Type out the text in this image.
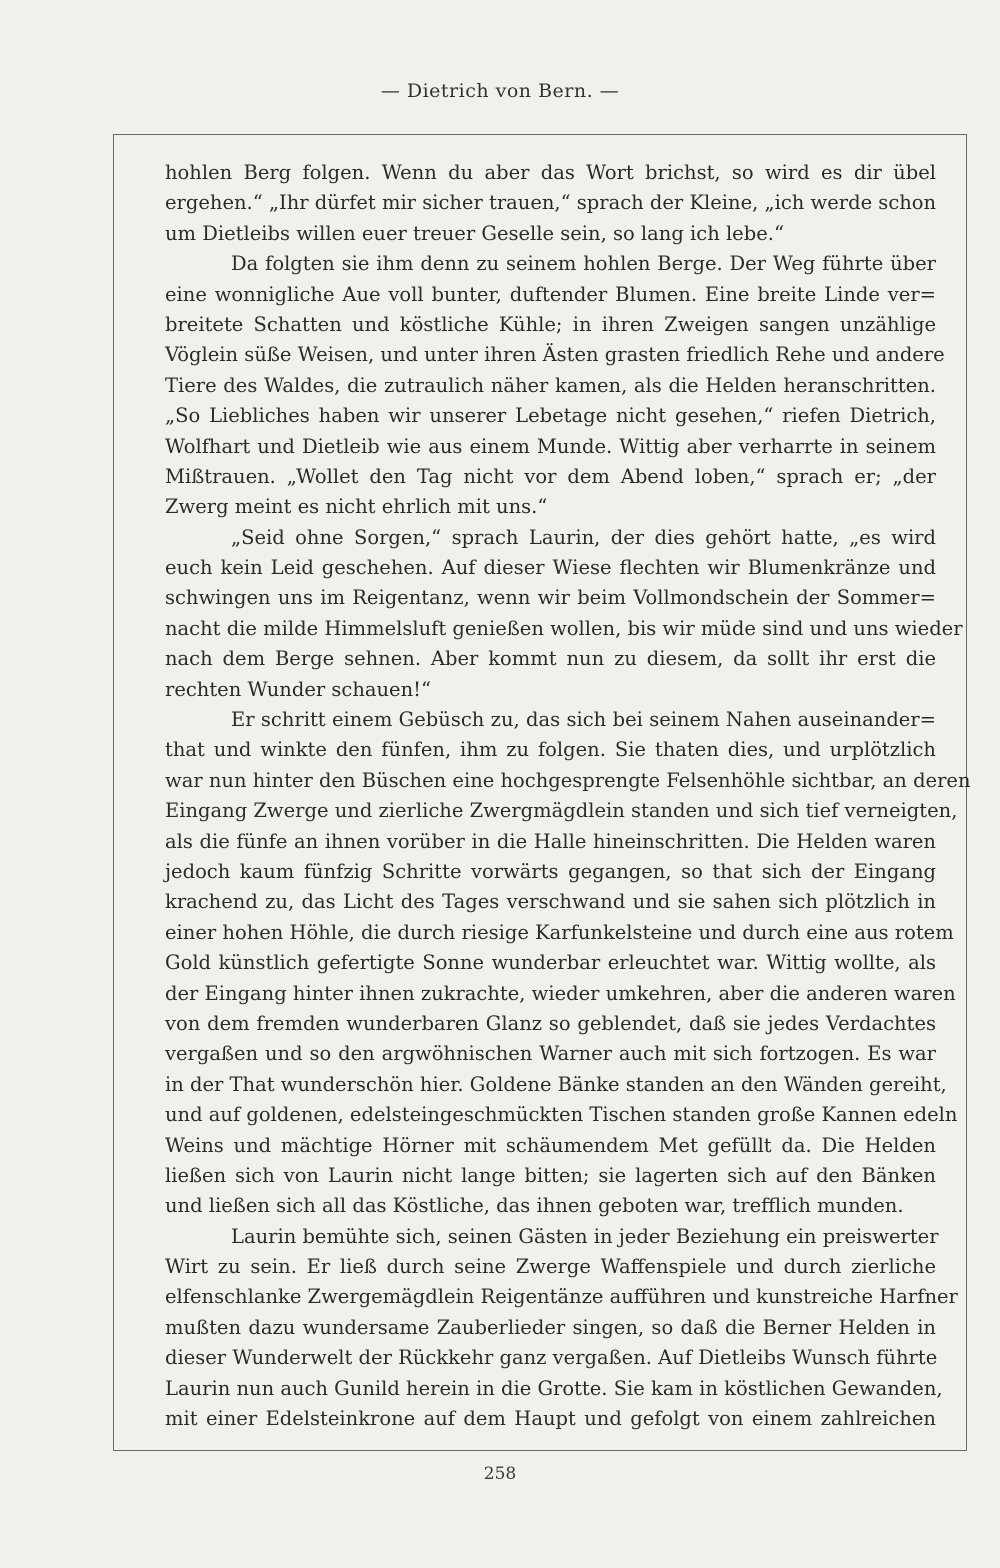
— Dietrich von Bern. —
hohlen Berg folgen. Wenn du aber das Wort brichst, so wird es dir übel
ergehen.“ „Ihr dürfet mir sicher trauen,“ sprach der Kleine, „ich werde schon
um Dietleibs willen euer treuer Geselle sein, so lang ich lebe.“
Da folgten sie ihm denn zu seinem hohlen Berge. Der Weg führte über
eine wonnigliche Aue voll bunter, duftender Blumen. Eine breite Linde ver=
breitete Schatten und köstliche Kühle; in ihren Zweigen sangen unzählige
Vöglein süße Weisen, und unter ihren Ästen grasten friedlich Rehe und andere
Tiere des Waldes, die zutraulich näher kamen, als die Helden heranschritten.
„So Liebliches haben wir unserer Lebetage nicht gesehen,“ riefen Dietrich,
Wolfhart und Dietleib wie aus einem Munde. Wittig aber verharrte in seinem
Mißtrauen. „Wollet den Tag nicht vor dem Abend loben,“ sprach er; „der
Zwerg meint es nicht ehrlich mit uns.“
„Seid ohne Sorgen,“ sprach Laurin, der dies gehört hatte, „es wird
euch kein Leid geschehen. Auf dieser Wiese flechten wir Blumenkränze und
schwingen uns im Reigentanz, wenn wir beim Vollmondschein der Sommer=
nacht die milde Himmelsluft genießen wollen, bis wir müde sind und uns wieder
nach dem Berge sehnen. Aber kommt nun zu diesem, da sollt ihr erst die
rechten Wunder schauen!“
Er schritt einem Gebüsch zu, das sich bei seinem Nahen auseinander=
that und winkte den fünfen, ihm zu folgen. Sie thaten dies, und urplötzlich
war nun hinter den Büschen eine hochgesprengte Felsenhöhle sichtbar, an deren
Eingang Zwerge und zierliche Zwergmägdlein standen und sich tief verneigten,
als die fünfe an ihnen vorüber in die Halle hineinschritten. Die Helden waren
jedoch kaum fünfzig Schritte vorwärts gegangen, so that sich der Eingang
krachend zu, das Licht des Tages verschwand und sie sahen sich plötzlich in
einer hohen Höhle, die durch riesige Karfunkelsteine und durch eine aus rotem
Gold künstlich gefertigte Sonne wunderbar erleuchtet war. Wittig wollte, als
der Eingang hinter ihnen zukrachte, wieder umkehren, aber die anderen waren
von dem fremden wunderbaren Glanz so geblendet, daß sie jedes Verdachtes
vergaßen und so den argwöhnischen Warner auch mit sich fortzogen. Es war
in der That wunderschön hier. Goldene Bänke standen an den Wänden gereiht,
und auf goldenen, edelsteingeschmückten Tischen standen große Kannen edeln
Weins und mächtige Hörner mit schäumendem Met gefüllt da. Die Helden
ließen sich von Laurin nicht lange bitten; sie lagerten sich auf den Bänken
und ließen sich all das Köstliche, das ihnen geboten war, trefflich munden.
Laurin bemühte sich, seinen Gästen in jeder Beziehung ein preiswerter
Wirt zu sein. Er ließ durch seine Zwerge Waffenspiele und durch zierliche
elfenschlanke Zwergemägdlein Reigentänze aufführen und kunstreiche Harfner
mußten dazu wundersame Zauberlieder singen, so daß die Berner Helden in
dieser Wunderwelt der Rückkehr ganz vergaßen. Auf Dietleibs Wunsch führte
Laurin nun auch Gunild herein in die Grotte. Sie kam in köstlichen Gewanden,
mit einer Edelsteinkrone auf dem Haupt und gefolgt von einem zahlreichen
258
